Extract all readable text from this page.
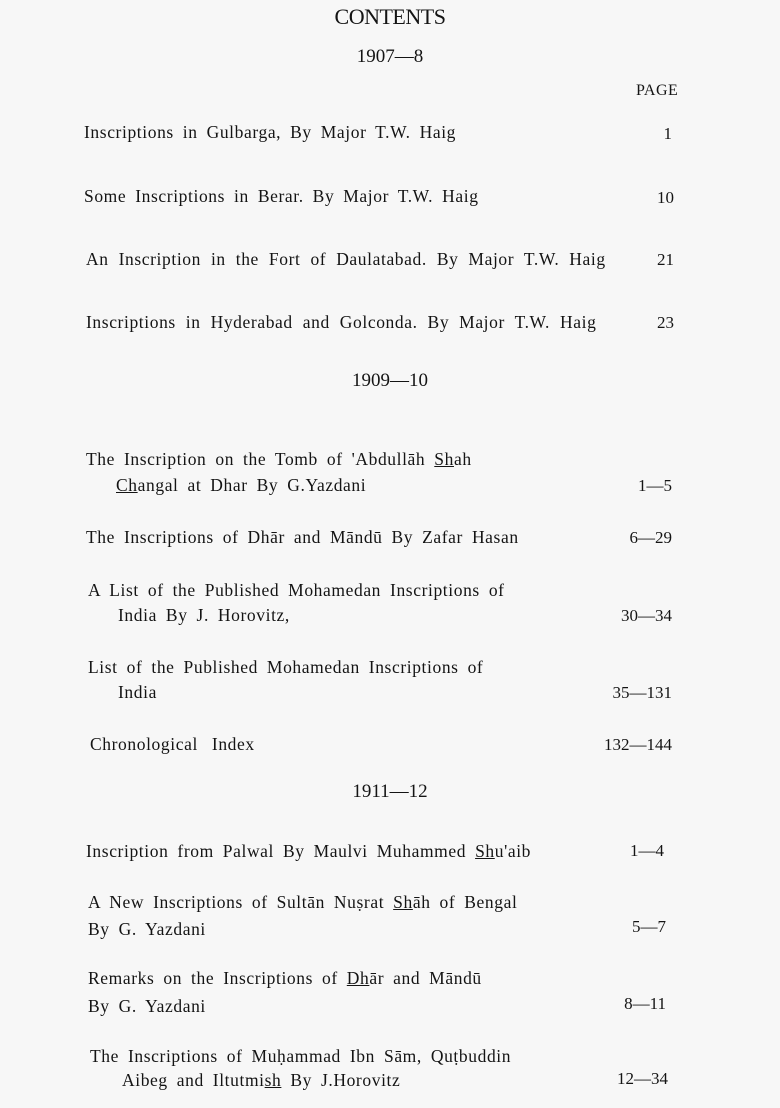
CONTENTS
1907—8
PAGE
Inscriptions in Gulbarga, By Major T.W. Haig	1
Some Inscriptions in Berar. By Major T.W. Haig	10
An Inscription in the Fort of Daulatabad. By Major T.W. Haig	21
Inscriptions in Hyderabad and Golconda. By Major T.W. Haig	23
1909—10
The Inscription on the Tomb of 'Abdullāh Shah
Changal at Dhar By G.Yazdani	1—5
The Inscriptions of Dhār and Māndū By Zafar Hasan	6—29
A List of the Published Mohamedan Inscriptions of
India By J. Horovitz,	30—34
List of the Published Mohamedan Inscriptions of
India	35—131
Chronological Index	132—144
1911—12
Inscription from Palwal By Maulvi Muhammed Shu'aib	1—4
A New Inscriptions of Sultān Nuṣrat Shāh of Bengal
By G. Yazdani	5—7
Remarks on the Inscriptions of Dhār and Māndū
By G. Yazdani	8—11
The Inscriptions of Muḥammad Ibn Sām, Quṭbuddin
Aibeg and Iltutmish By J.Horovitz	12—34
